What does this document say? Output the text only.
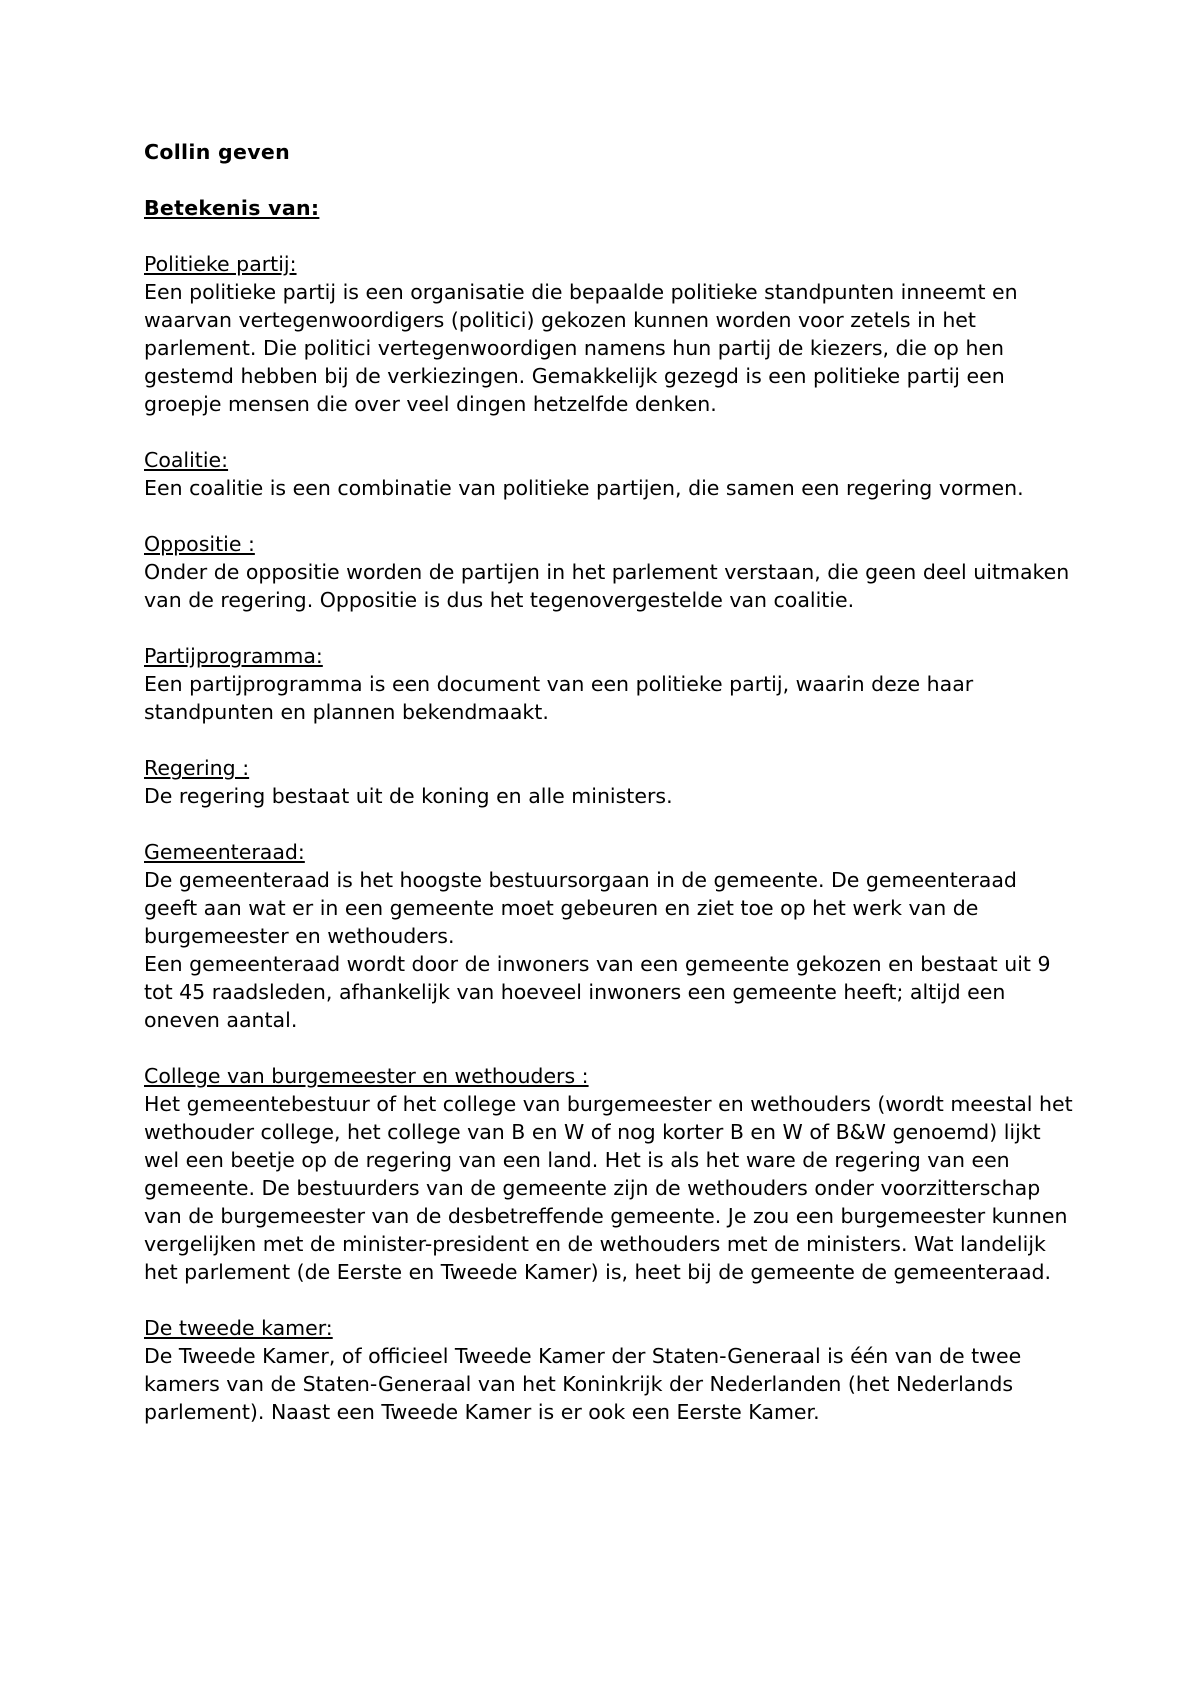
Collin geven
Betekenis van:
Politieke partij:

Een politieke partij is een organisatie die bepaalde politieke standpunten inneemt en waarvan vertegenwoordigers (politici) gekozen kunnen worden voor zetels in het parlement. Die politici vertegenwoordigen namens hun partij de kiezers, die op hen gestemd hebben bij de verkiezingen. Gemakkelijk gezegd is een politieke partij een groepje mensen die over veel dingen hetzelfde denken.

Coalitie:

Een coalitie is een combinatie van politieke partijen, die samen een regering vormen.

Oppositie :

Onder de oppositie worden de partijen in het parlement verstaan, die geen deel uitmaken van de regering. Oppositie is dus het tegenovergestelde van coalitie.

Partijprogramma:

Een partijprogramma is een document van een politieke partij, waarin deze haar standpunten en plannen bekendmaakt.

Regering :

De regering bestaat uit de koning en alle ministers.

Gemeenteraad:

De gemeenteraad is het hoogste bestuursorgaan in de gemeente. De gemeenteraad geeft aan wat er in een gemeente moet gebeuren en ziet toe op het werk van de burgemeester en wethouders.

Een gemeenteraad wordt door de inwoners van een gemeente gekozen en bestaat uit 9 tot 45 raadsleden, afhankelijk van hoeveel inwoners een gemeente heeft; altijd een oneven aantal.

College van burgemeester en wethouders :

Het gemeentebestuur of het college van burgemeester en wethouders (wordt meestal het wethouder college, het college van B en W of nog korter B en W of B&W genoemd) lijkt wel een beetje op de regering van een land. Het is als het ware de regering van een gemeente. De bestuurders van de gemeente zijn de wethouders onder voorzitterschap van de burgemeester van de desbetreffende gemeente. Je zou een burgemeester kunnen vergelijken met de minister-president en de wethouders met de ministers. Wat landelijk het parlement (de Eerste en Tweede Kamer) is, heet bij de gemeente de gemeenteraad.

De tweede kamer:

De Tweede Kamer, of officieel Tweede Kamer der Staten-Generaal is één van de twee kamers van de Staten-Generaal van het Koninkrijk der Nederlanden (het Nederlands parlement). Naast een Tweede Kamer is er ook een Eerste Kamer.
